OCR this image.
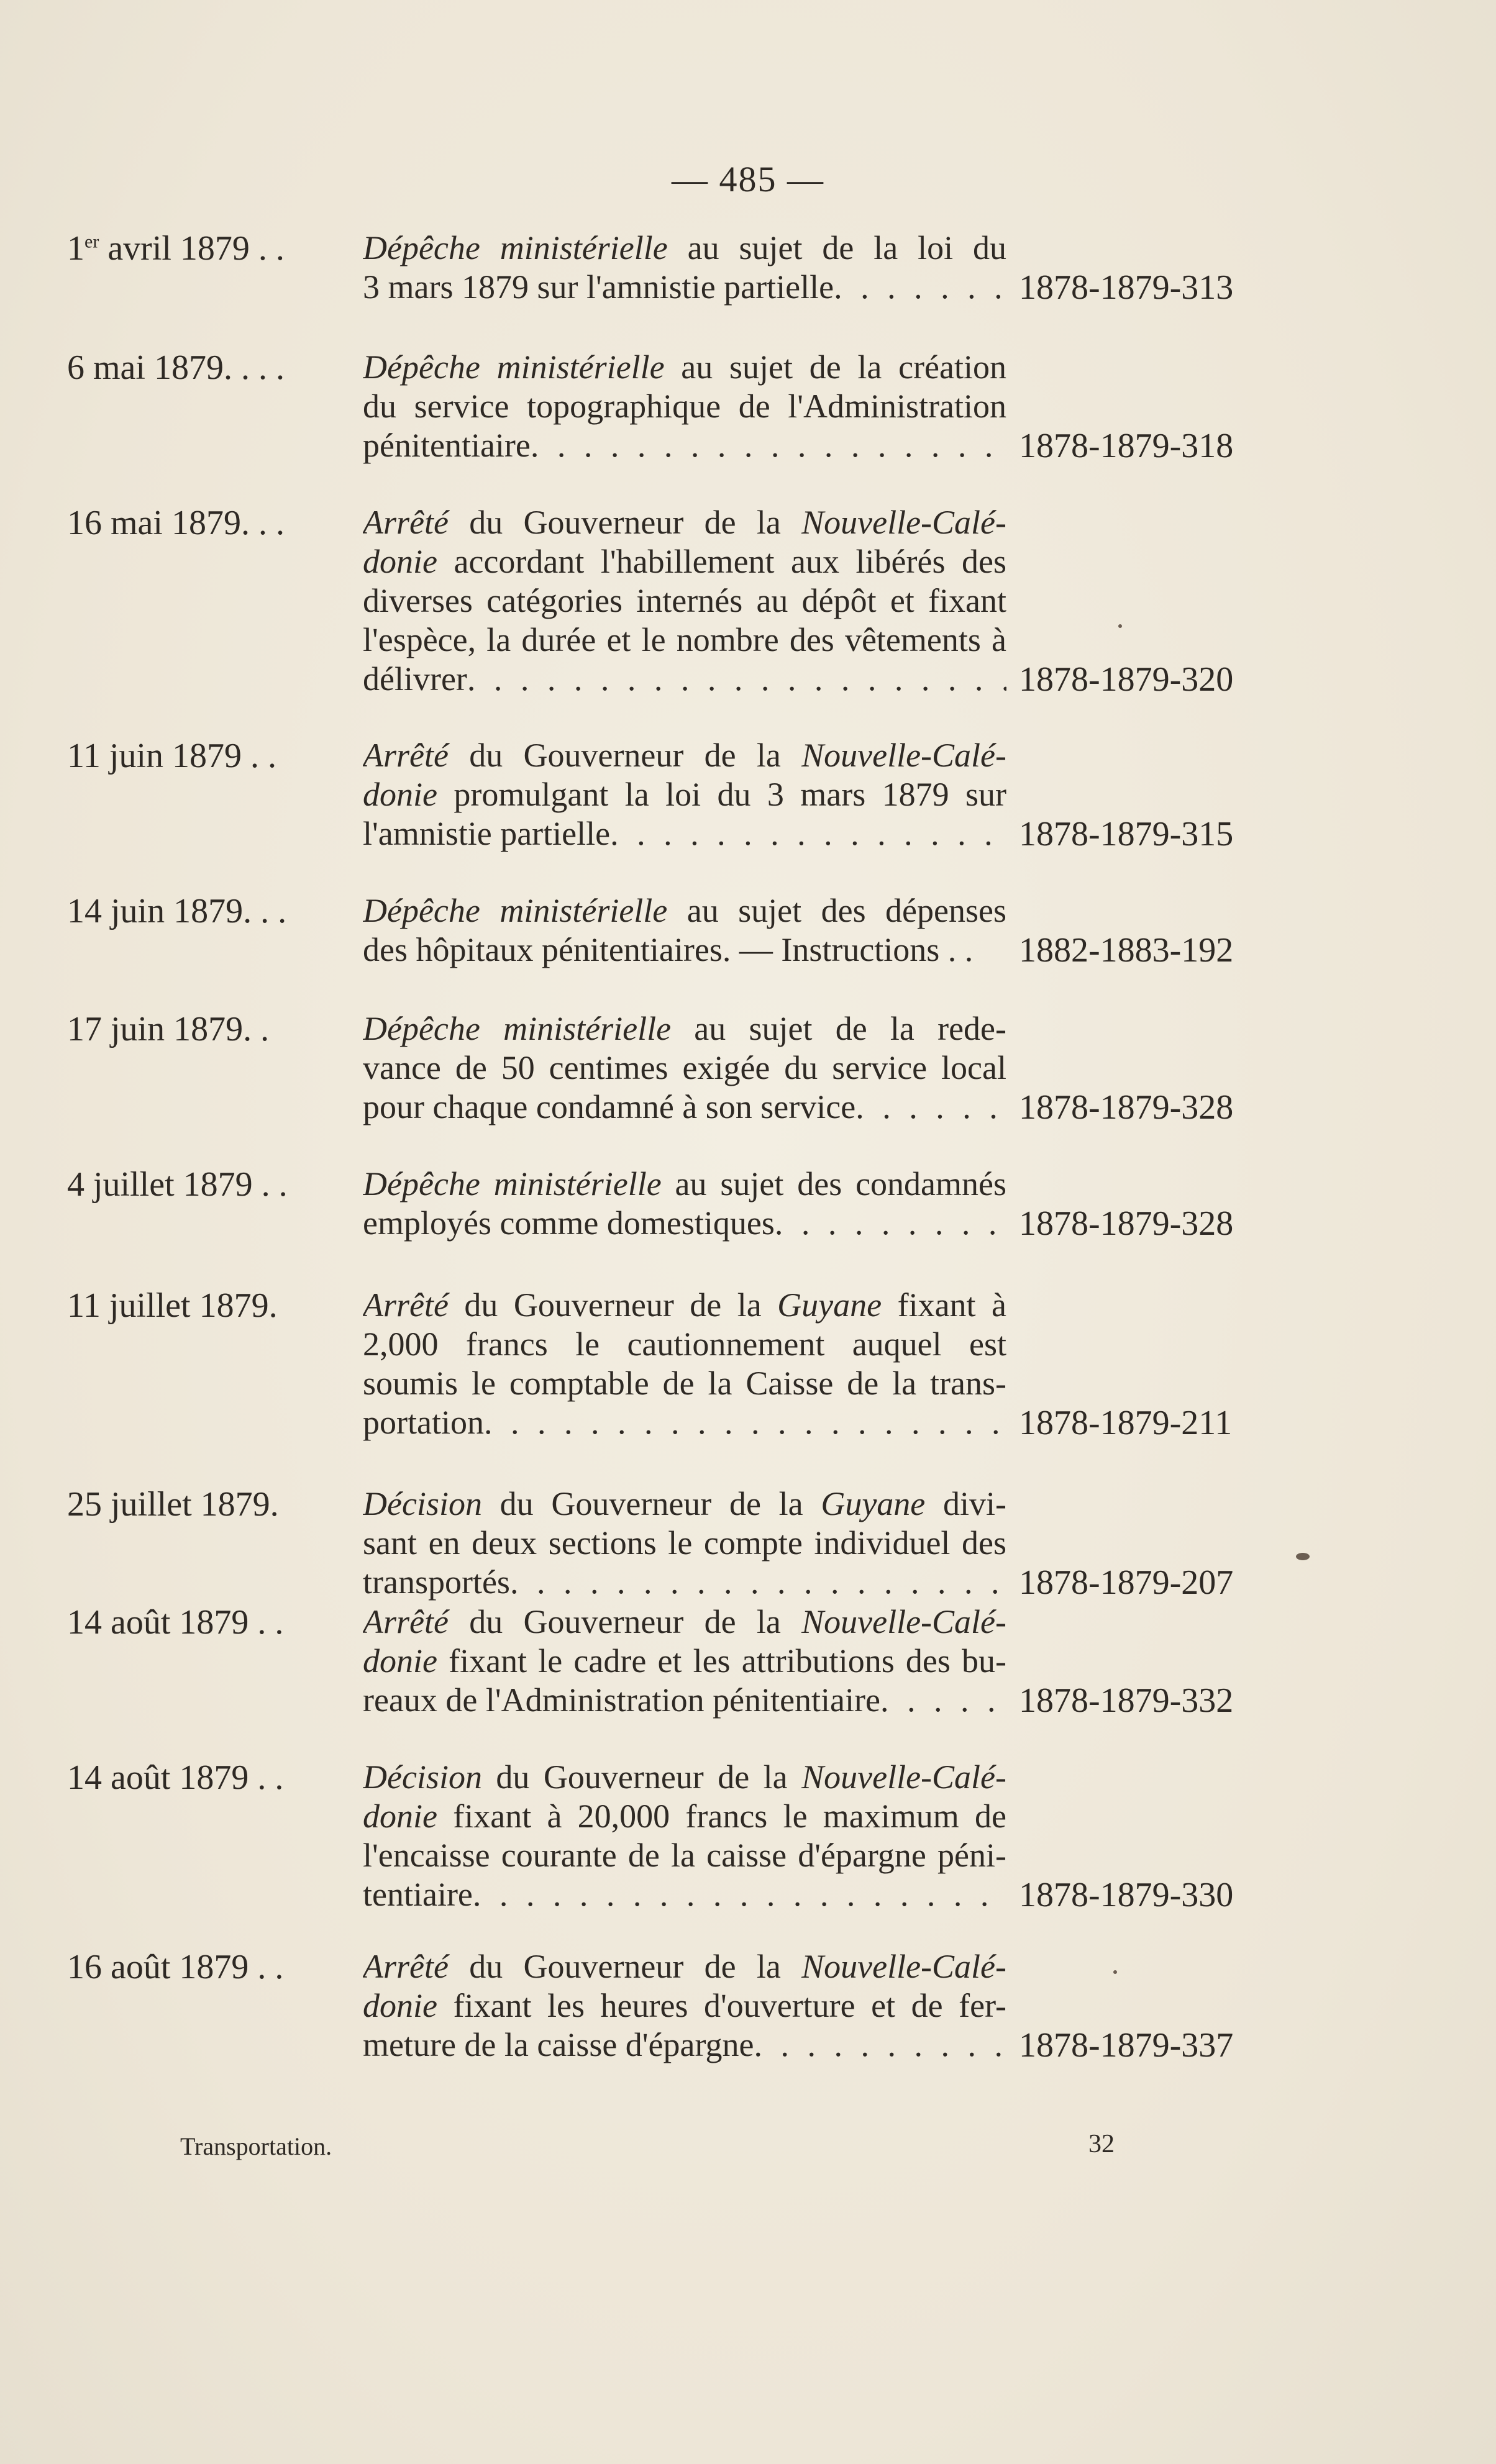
— 485 —
1er avril 1879 . . Dépêche ministérielle au sujet de la loi du
3 mars 1879 sur l'amnistie partielle . . .	1878-1879-313
6 mai 1879. . . . Dépêche ministérielle au sujet de la création
du service topographique de l'Administration
pénitentiaire . . .	1878-1879-318
16 mai 1879. . . Arrêté du Gouverneur de la Nouvelle-Calé-
donie accordant l'habillement aux libérés des
diverses catégories internés au dépôt et fixant
l'espèce, la durée et le nombre des vêtements à
délivrer . . .	1878-1879-320
11 juin 1879 . .	Arrêté du Gouverneur de la Nouvelle-Calé-
donie promulgant la loi du 3 mars 1879 sur
l'amnistie partielle . . .	1878-1879-315
14 juin 1879. . . Dépêche ministérielle au sujet des dépenses
des hôpitaux pénitentiaires. — Instructions . . 1882-1883-192
17 juin 1879. .	Dépêche ministérielle au sujet de la rede-
vance de 50 centimes exigée du service local
pour chaque condamné à son service . . .	1878-1879-328
4 juillet 1879 . . Dépêche ministérielle au sujet des condamnés
employés comme domestiques . . .	1878-1879-328
11 juillet 1879.	Arrêté du Gouverneur de la Guyane fixant à
2,000 francs le cautionnement auquel est
soumis le comptable de la Caisse de la trans-
portation . . .	1878-1879-211
25 juillet 1879.	Décision du Gouverneur de la Guyane divi-
sant en deux sections le compte individuel des
transportés . . .	1878-1879-207
14 août 1879 . . Arrêté du Gouverneur de la Nouvelle-Calé-
donie fixant le cadre et les attributions des bu-
reaux de l'Administration pénitentiaire . . .	1878-1879-332
14 août 1879 . . Décision du Gouverneur de la Nouvelle-Calé-
donie fixant à 20,000 francs le maximum de
l'encaisse courante de la caisse d'épargne péni-
tentiaire . . .	1878-1879-330
16 août 1879 . . Arrêté du Gouverneur de la Nouvelle-Calé-
donie fixant les heures d'ouverture et de fer-
meture de la caisse d'épargne . . .	1878-1879-337
Transportation.	32
